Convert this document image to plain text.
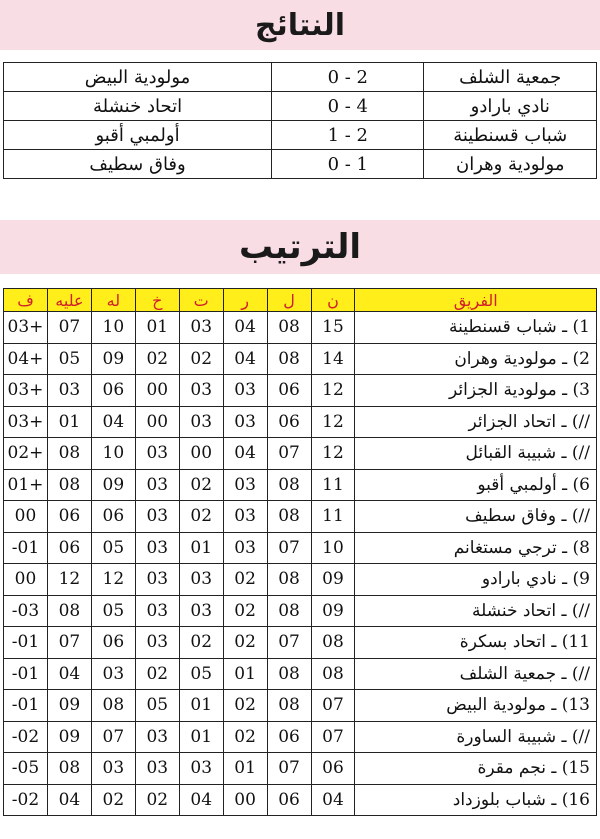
النتائج
جمعية الشلف	0 - 2	مولودية البيض
نادي بارادو	0 - 4	اتحاد خنشلة
شباب قسنطينة	1 - 2	أولمبي أقبو
مولودية وهران	0 - 1	وفاق سطيف
الترتيب
الفريق	ن	ل	ر	ت	خ	له	عليه	ف
1) ـ شباب قسنطينة	15	08	04	03	01	10	07	+03
2) ـ مولودية وهران	14	08	04	02	02	09	05	+04
3) ـ مولودية الجزائر	12	06	03	03	00	06	03	+03
//) ـ اتحاد الجزائر	12	06	03	03	00	04	01	+03
//) ـ شبيبة القبائل	12	07	04	00	03	10	08	+02
6) ـ أولمبي أقبو	11	08	03	02	03	09	08	+01
//) ـ وفاق سطيف	11	08	03	02	03	06	06	00
8) ـ ترجي مستغانم	10	07	03	01	03	05	06	01-
9) ـ نادي بارادو	09	08	02	03	03	12	12	00
//) ـ اتحاد خنشلة	09	08	02	03	03	05	08	03-
11) ـ اتحاد بسكرة	08	07	02	02	03	06	07	01-
//) ـ جمعية الشلف	08	08	01	05	02	03	04	01-
13) ـ مولودية البيض	07	08	02	01	05	08	09	01-
//) ـ شبيبة الساورة	07	06	02	01	03	07	09	02-
15) ـ نجم مقرة	06	07	01	03	03	03	08	05-
16) ـ شباب بلوزداد	04	06	00	04	02	02	04	02-
